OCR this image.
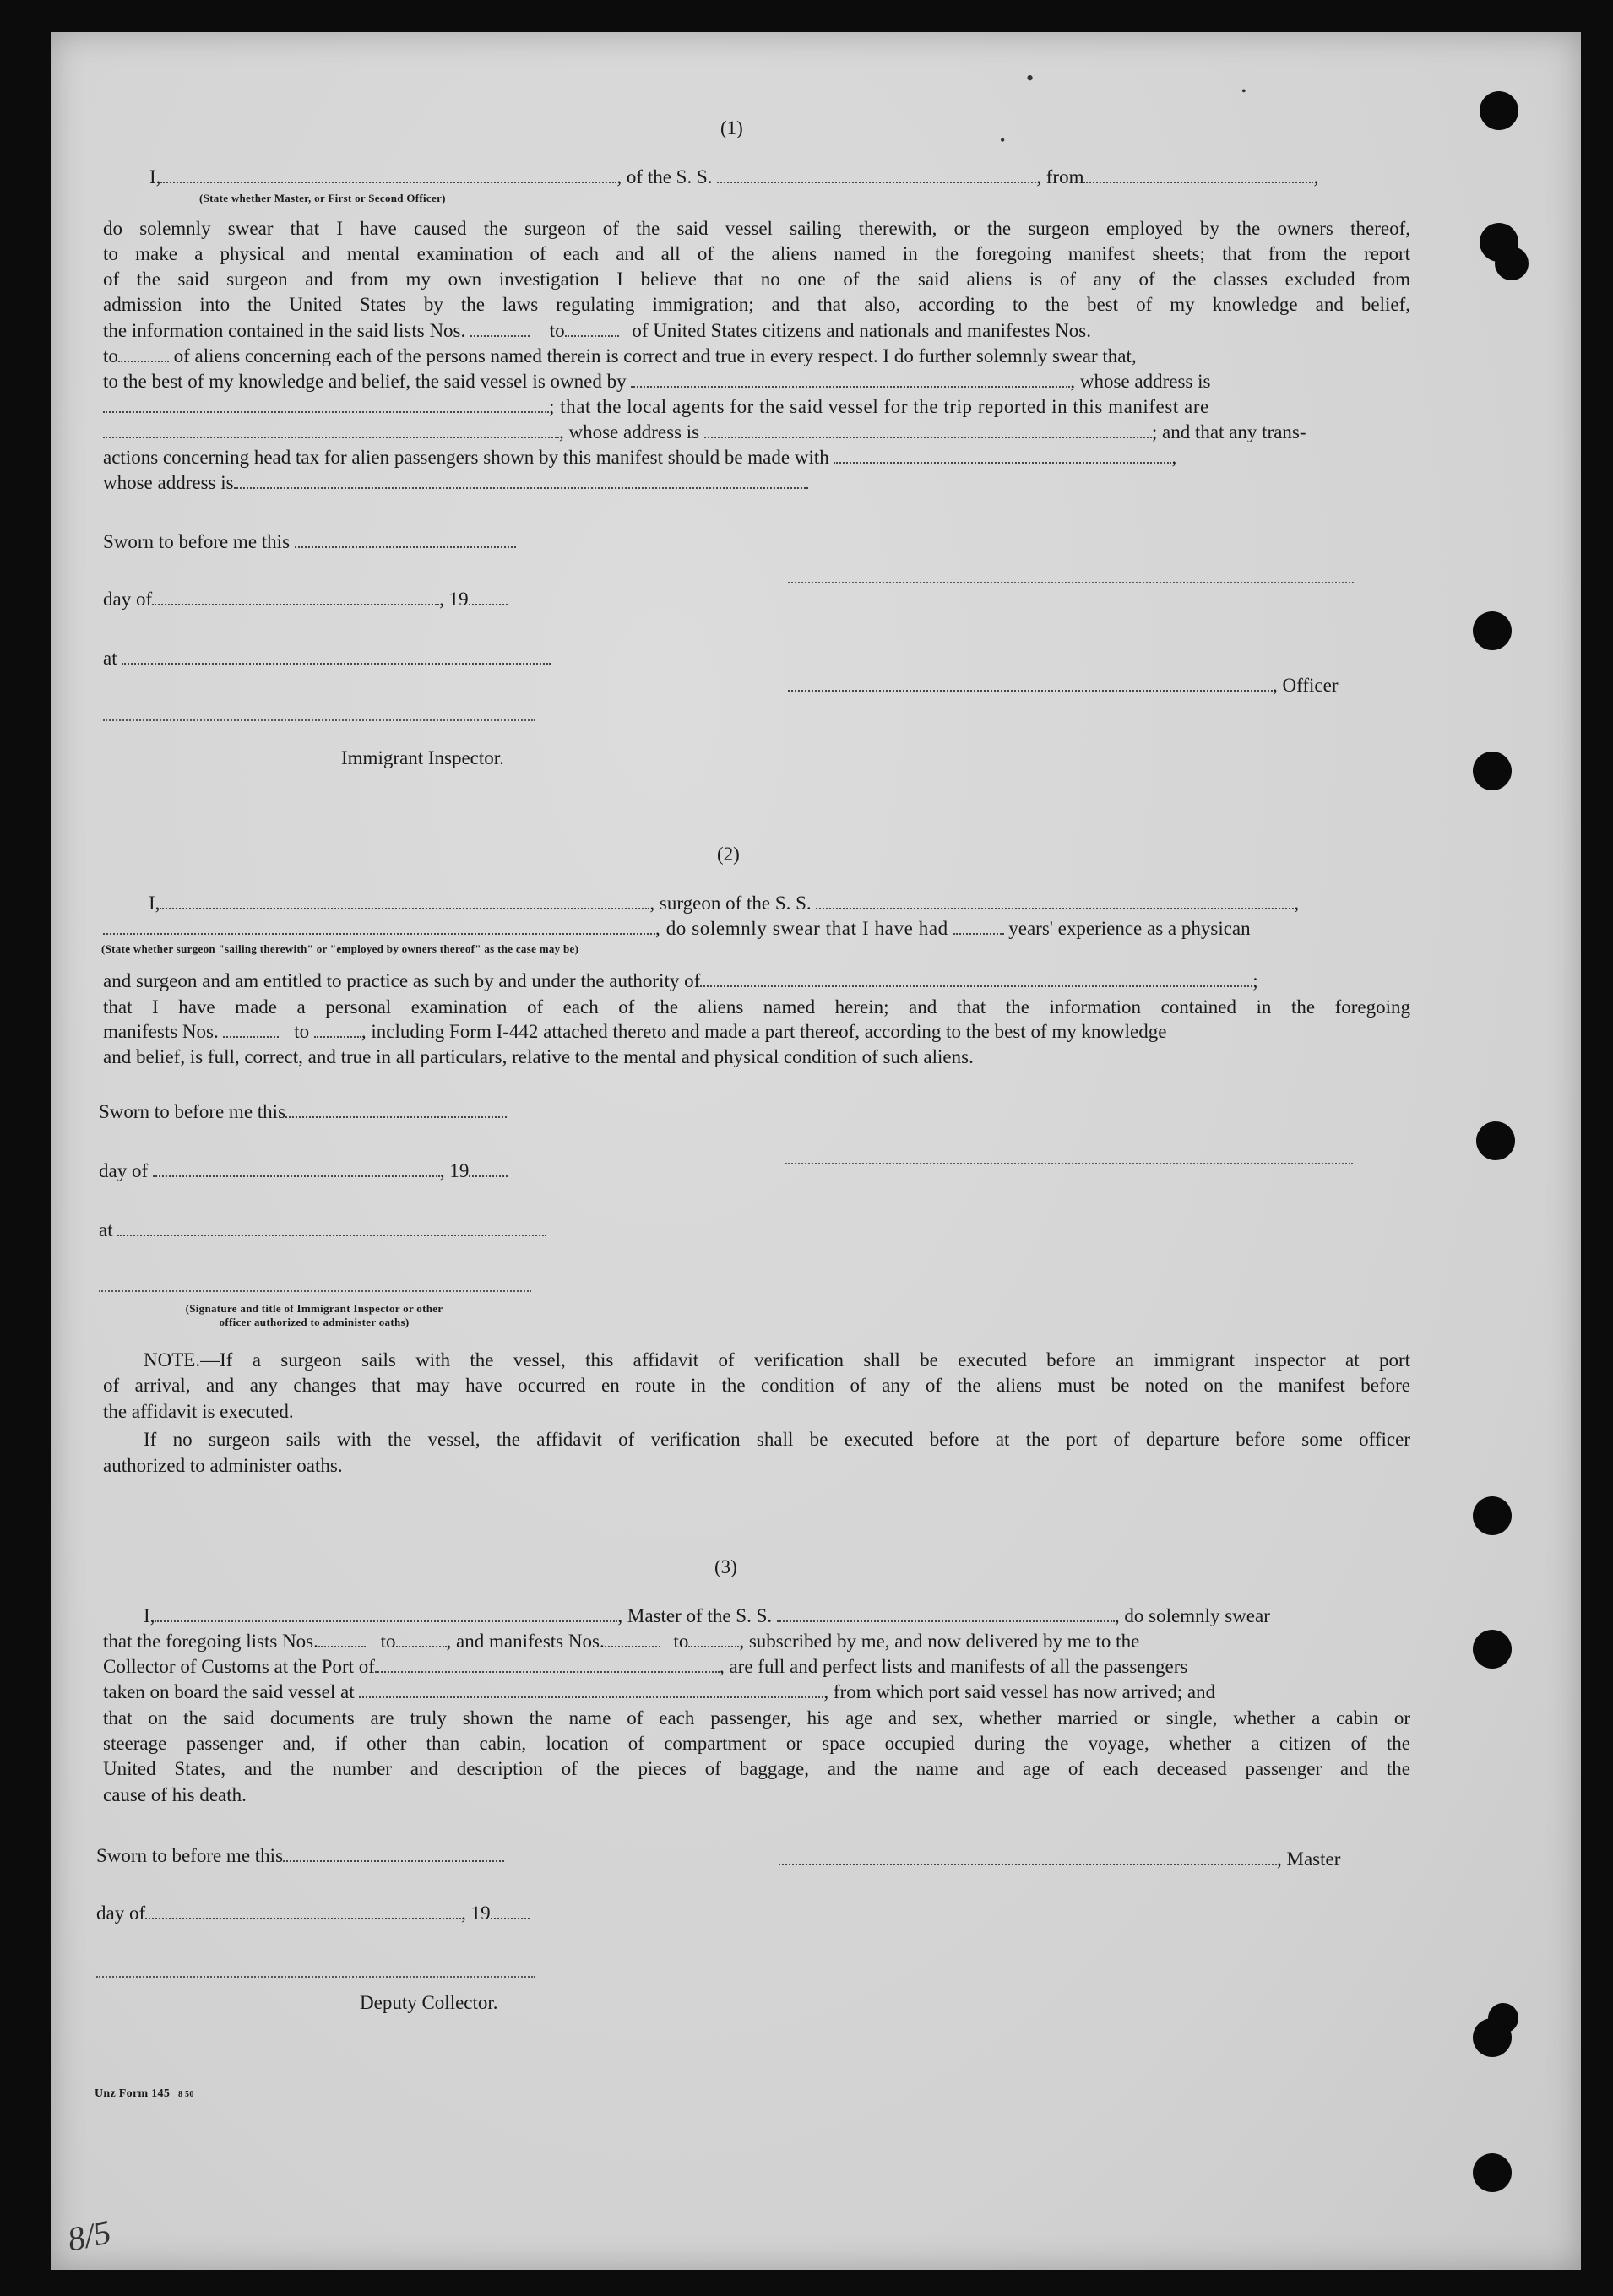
(1)
I,	, of the S. S.	, from	,
(State whether Master, or First or Second Officer)
do solemnly swear that I have caused the surgeon of the said vessel sailing therewith, or the surgeon employed by the owners thereof,
to make a physical and mental examination of each and all of the aliens named in the foregoing manifest sheets; that from the report
of the said surgeon and from my own investigation I believe that no one of the said aliens is of any of the classes excluded from
admission into the United States by the laws regulating immigration; and that also, according to the best of my knowledge and belief,
the information contained in the said lists Nos.	to	of United States citizens and nationals and manifestes Nos.
to	of aliens concerning each of the persons named therein is correct and true in every respect. I do further solemnly swear that,
to the best of my knowledge and belief, the said vessel is owned by	, whose address is
; that the local agents for the said vessel for the trip reported in this manifest are
, whose address is	; and that any trans-
actions concerning head tax for alien passengers shown by this manifest should be made with	,
whose address is
Sworn to before me this
day of	, 19
at
, Officer
Immigrant Inspector.
(2)
I,	, surgeon of the S. S.	,
, do solemnly swear that I have had	years' experience as a physican
(State whether surgeon "sailing therewith" or "employed by owners thereof" as the case may be)
and surgeon and am entitled to practice as such by and under the authority of	;
that I have made a personal examination of each of the aliens named herein; and that the information contained in the foregoing
manifests Nos.	to	, including Form I-442 attached thereto and made a part thereof, according to the best of my knowledge
and belief, is full, correct, and true in all particulars, relative to the mental and physical condition of such aliens.
Sworn to before me this
day of	, 19
at
(Signature and title of Immigrant Inspector or other
officer authorized to administer oaths)
NOTE.—If a surgeon sails with the vessel, this affidavit of verification shall be executed before an immigrant inspector at port
of arrival, and any changes that may have occurred en route in the condition of any of the aliens must be noted on the manifest before
the affidavit is executed.
If no surgeon sails with the vessel, the affidavit of verification shall be executed before at the port of departure before some officer
authorized to administer oaths.
(3)
I,	, Master of the S. S.	, do solemnly swear
that the foregoing lists Nos.	to	, and manifests Nos.	to	, subscribed by me, and now delivered by me to the
Collector of Customs at the Port of	, are full and perfect lists and manifests of all the passengers
taken on board the said vessel at	, from which port said vessel has now arrived; and
that on the said documents are truly shown the name of each passenger, his age and sex, whether married or single, whether a cabin or
steerage passenger and, if other than cabin, location of compartment or space occupied during the voyage, whether a citizen of the
United States, and the number and description of the pieces of baggage, and the name and age of each deceased passenger and the
cause of his death.
Sworn to before me this	, Master
day of	, 19
Deputy Collector.
Unz Form 145 8 50
8/5
•
•
•
